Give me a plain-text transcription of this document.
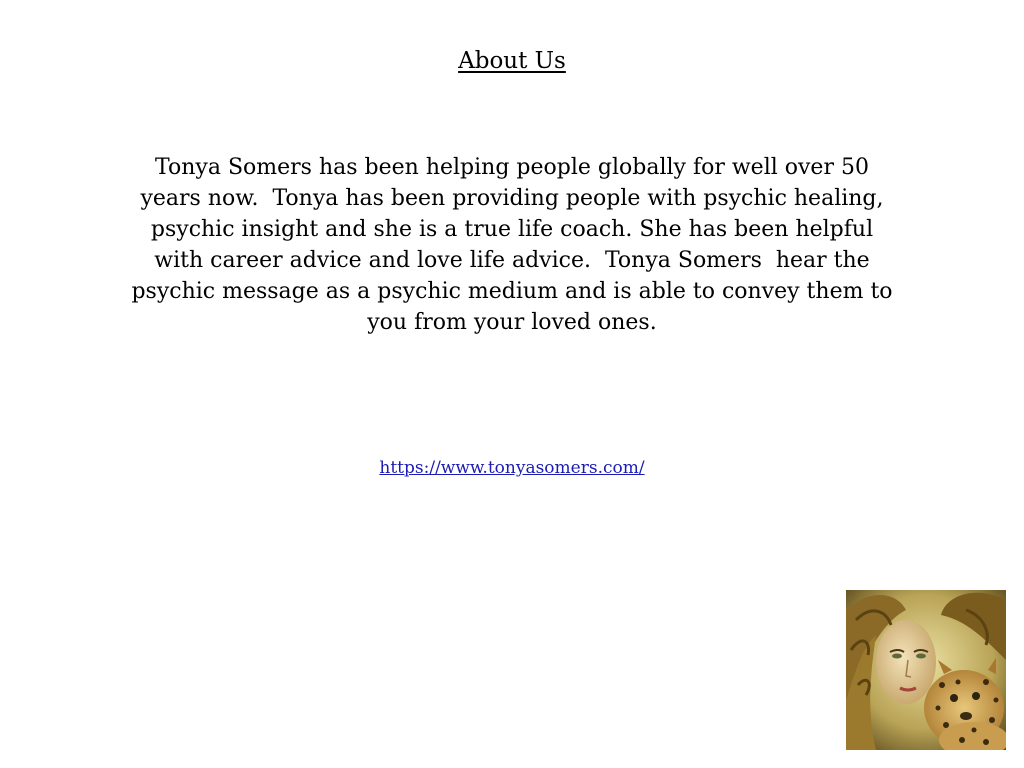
About Us

Tonya Somers has been helping people globally for well over 50 years now.  Tonya has been providing people with psychic healing, psychic insight and she is a true life coach. She has been helpful with career advice and love life advice.  Tonya Somers  hear the psychic message as a psychic medium and is able to convey them to you from your loved ones.

https://www.tonyasomers.com/
